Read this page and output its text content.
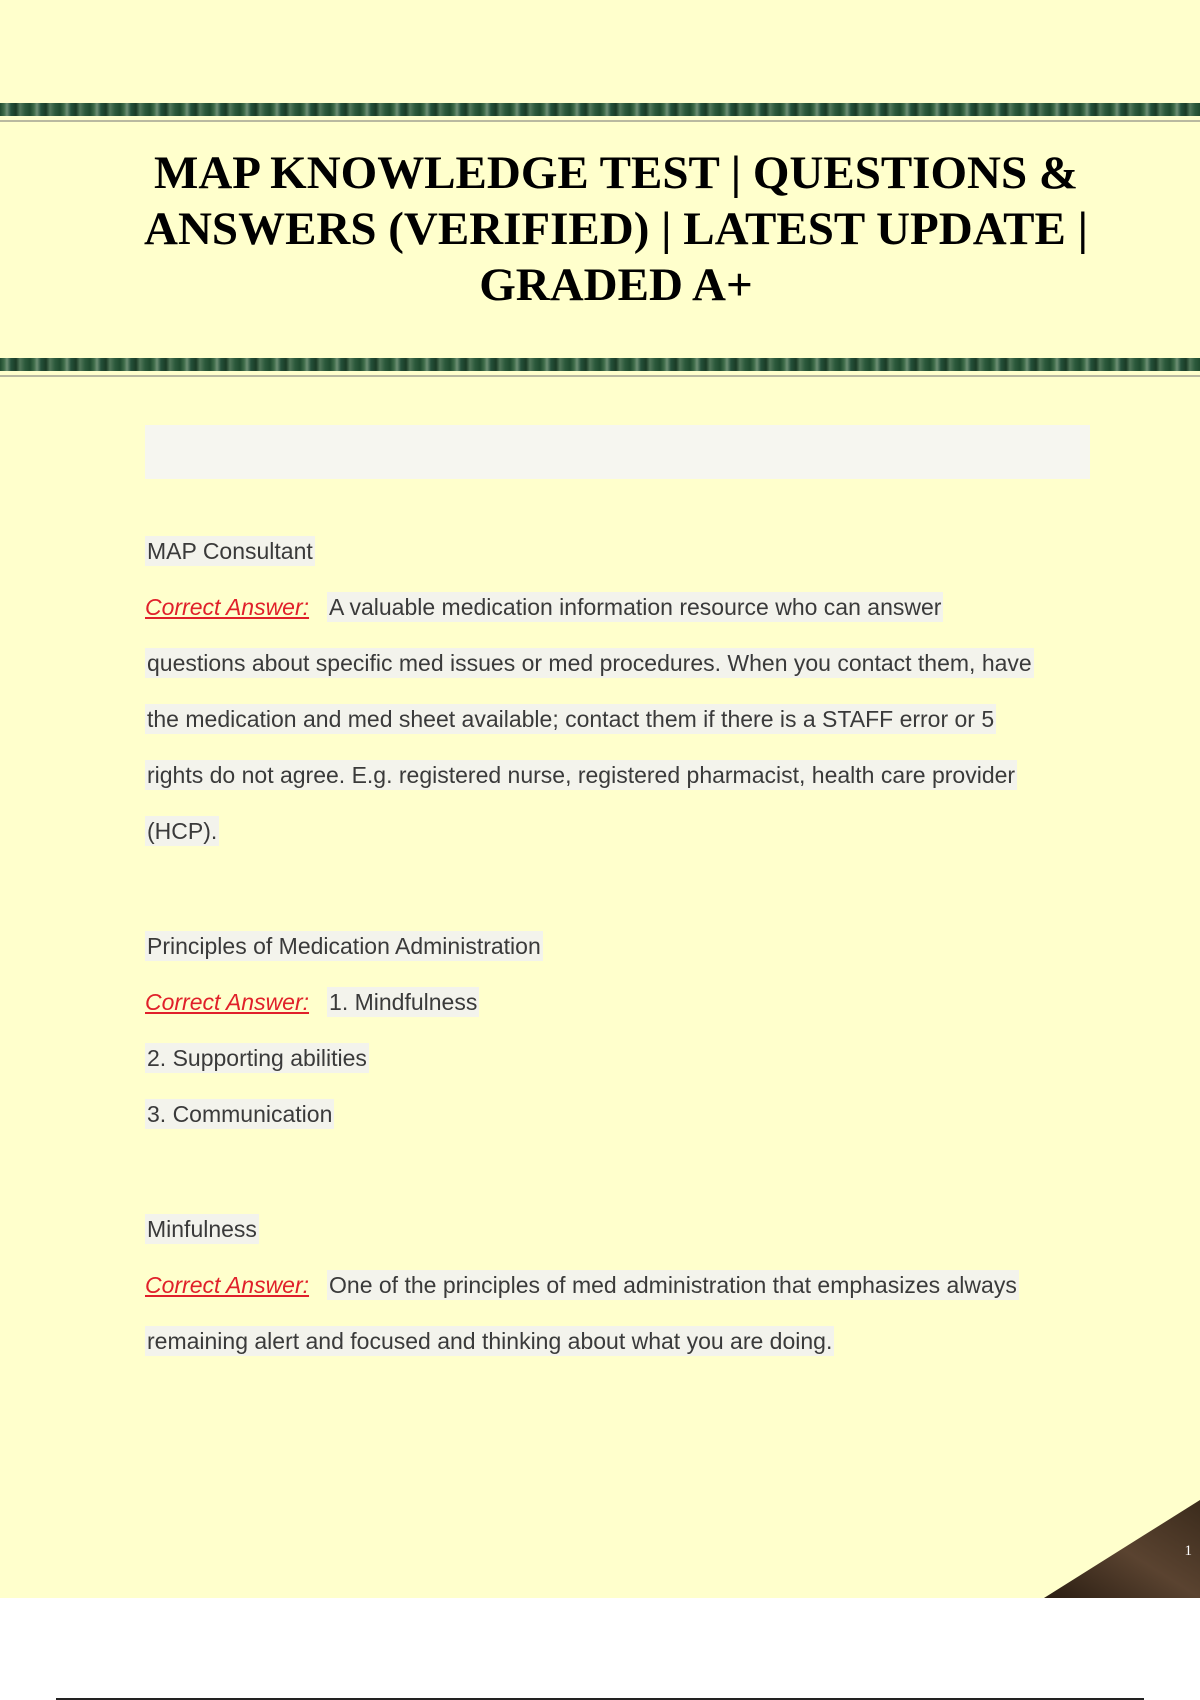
MAP KNOWLEDGE TEST | QUESTIONS & ANSWERS (VERIFIED) | LATEST UPDATE | GRADED A+
MAP Consultant
Correct Answer: A valuable medication information resource who can answer
questions about specific med issues or med procedures. When you contact them, have
the medication and med sheet available; contact them if there is a STAFF error or 5
rights do not agree. E.g. registered nurse, registered pharmacist, health care provider
(HCP).
Principles of Medication Administration
Correct Answer: 1. Mindfulness
2. Supporting abilities
3. Communication
Minfulness
Correct Answer: One of the principles of med administration that emphasizes always
remaining alert and focused and thinking about what you are doing.
1
